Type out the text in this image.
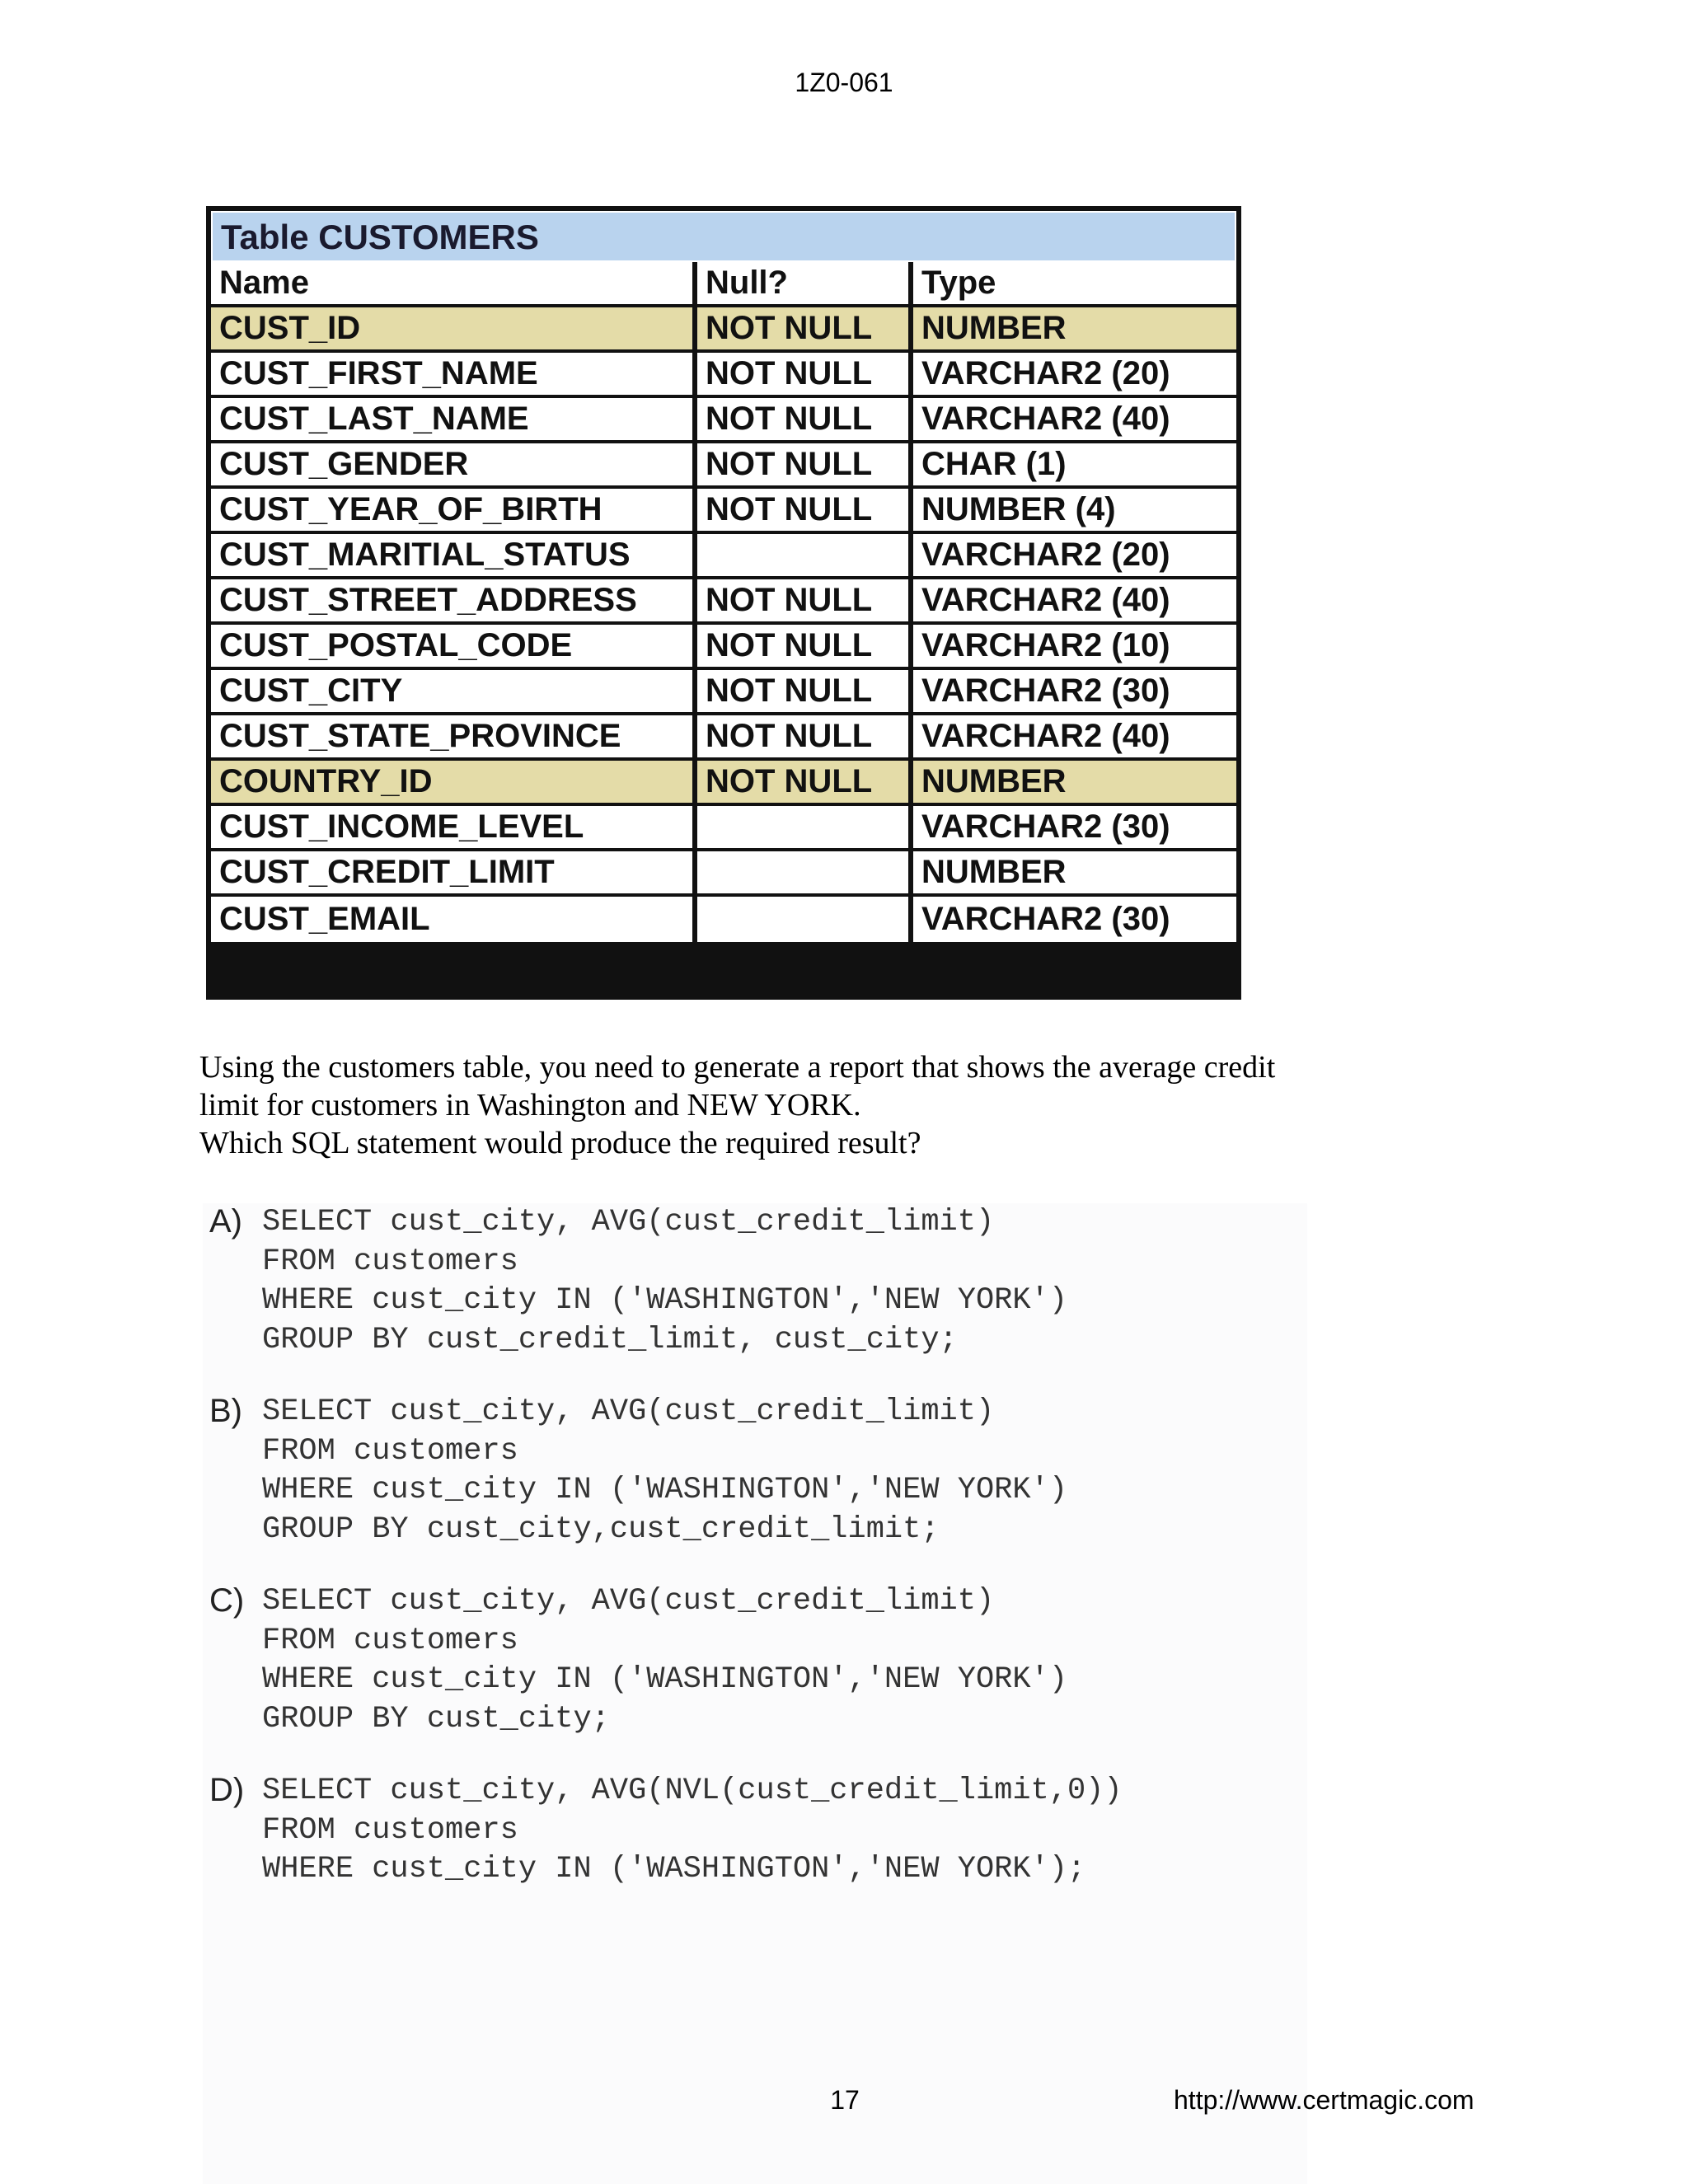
1Z0-061
Table CUSTOMERS
Name	Null?	Type
CUST_ID	NOT NULL	NUMBER
CUST_FIRST_NAME	NOT NULL	VARCHAR2 (20)
CUST_LAST_NAME	NOT NULL	VARCHAR2 (40)
CUST_GENDER	NOT NULL	CHAR (1)
CUST_YEAR_OF_BIRTH	NOT NULL	NUMBER (4)
CUST_MARITIAL_STATUS		VARCHAR2 (20)
CUST_STREET_ADDRESS	NOT NULL	VARCHAR2 (40)
CUST_POSTAL_CODE	NOT NULL	VARCHAR2 (10)
CUST_CITY	NOT NULL	VARCHAR2 (30)
CUST_STATE_PROVINCE	NOT NULL	VARCHAR2 (40)
COUNTRY_ID	NOT NULL	NUMBER
CUST_INCOME_LEVEL		VARCHAR2 (30)
CUST_CREDIT_LIMIT		NUMBER
CUST_EMAIL		VARCHAR2 (30)

Using the customers table, you need to generate a report that shows the average credit

limit for customers in Washington and NEW YORK.

Which SQL statement would produce the required result?

A) SELECT cust_city, AVG(cust_credit_limit)
FROM customers
WHERE cust_city IN ('WASHINGTON','NEW YORK')
GROUP BY cust_credit_limit, cust_city;
B) SELECT cust_city, AVG(cust_credit_limit)
FROM customers
WHERE cust_city IN ('WASHINGTON','NEW YORK')
GROUP BY cust_city,cust_credit_limit;
C) SELECT cust_city, AVG(cust_credit_limit)
FROM customers
WHERE cust_city IN ('WASHINGTON','NEW YORK')
GROUP BY cust_city;
D) SELECT cust_city, AVG(NVL(cust_credit_limit,0))
FROM customers
WHERE cust_city IN ('WASHINGTON','NEW YORK');
17	http://www.certmagic.com
